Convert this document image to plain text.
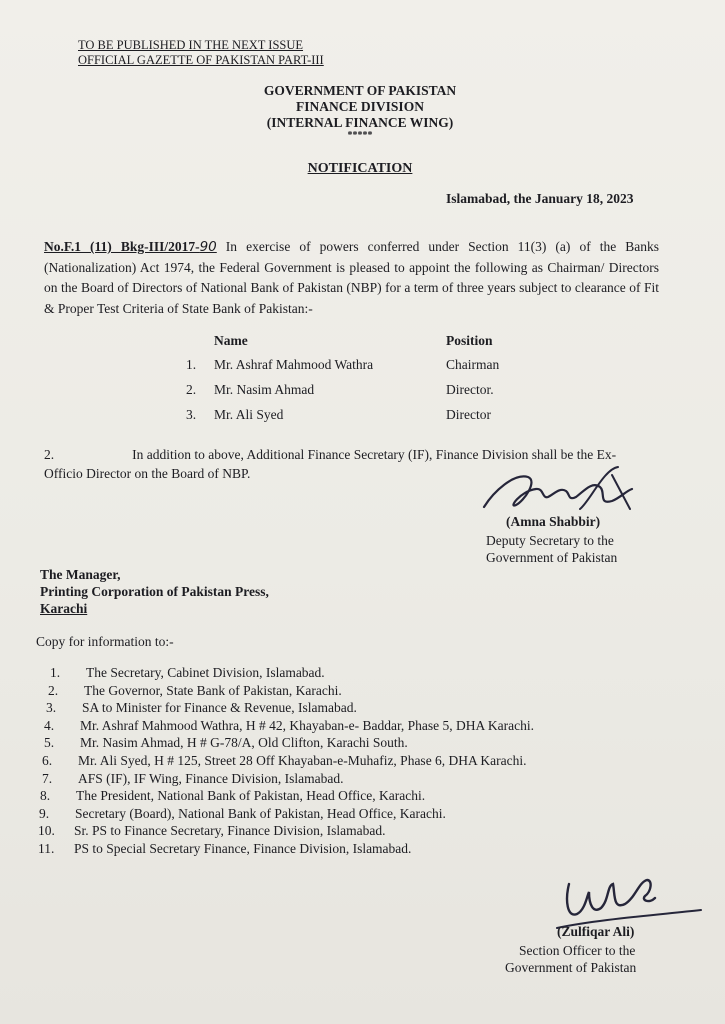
TO BE PUBLISHED IN THE NEXT ISSUE
OFFICIAL GAZETTE OF PAKISTAN PART-III
GOVERNMENT OF PAKISTAN
FINANCE DIVISION
(INTERNAL FINANCE WING)
*****
NOTIFICATION
Islamabad, the January 18, 2023
No.F.1 (11) Bkg-III/2017-90 In exercise of powers conferred under Section 11(3) (a) of the Banks (Nationalization) Act 1974, the Federal Government is pleased to appoint the following as Chairman/ Directors on the Board of Directors of National Bank of Pakistan (NBP) for a term of three years subject to clearance of Fit & Proper Test Criteria of State Bank of Pakistan:-
Name	Position
1. Mr. Ashraf Mahmood Wathra	Chairman
2. Mr. Nasim Ahmad	Director.
3. Mr. Ali Syed	Director
2.	In addition to above, Additional Finance Secretary (IF), Finance Division shall be the Ex-Officio Director on the Board of NBP.
(Amna Shabbir)
Deputy Secretary to the
Government of Pakistan
The Manager,
Printing Corporation of Pakistan Press,
Karachi
Copy for information to:-
1. The Secretary, Cabinet Division, Islamabad.
2. The Governor, State Bank of Pakistan, Karachi.
3. SA to Minister for Finance & Revenue, Islamabad.
4. Mr. Ashraf Mahmood Wathra, H # 42, Khayaban-e- Baddar, Phase 5, DHA Karachi.
5. Mr. Nasim Ahmad, H # G-78/A, Old Clifton, Karachi South.
6. Mr. Ali Syed, H # 125, Street 28 Off Khayaban-e-Muhafiz, Phase 6, DHA Karachi.
7. AFS (IF), IF Wing, Finance Division, Islamabad.
8. The President, National Bank of Pakistan, Head Office, Karachi.
9. Secretary (Board), National Bank of Pakistan, Head Office, Karachi.
10. Sr. PS to Finance Secretary, Finance Division, Islamabad.
11. PS to Special Secretary Finance, Finance Division, Islamabad.
(Zulfiqar Ali)
Section Officer to the
Government of Pakistan
